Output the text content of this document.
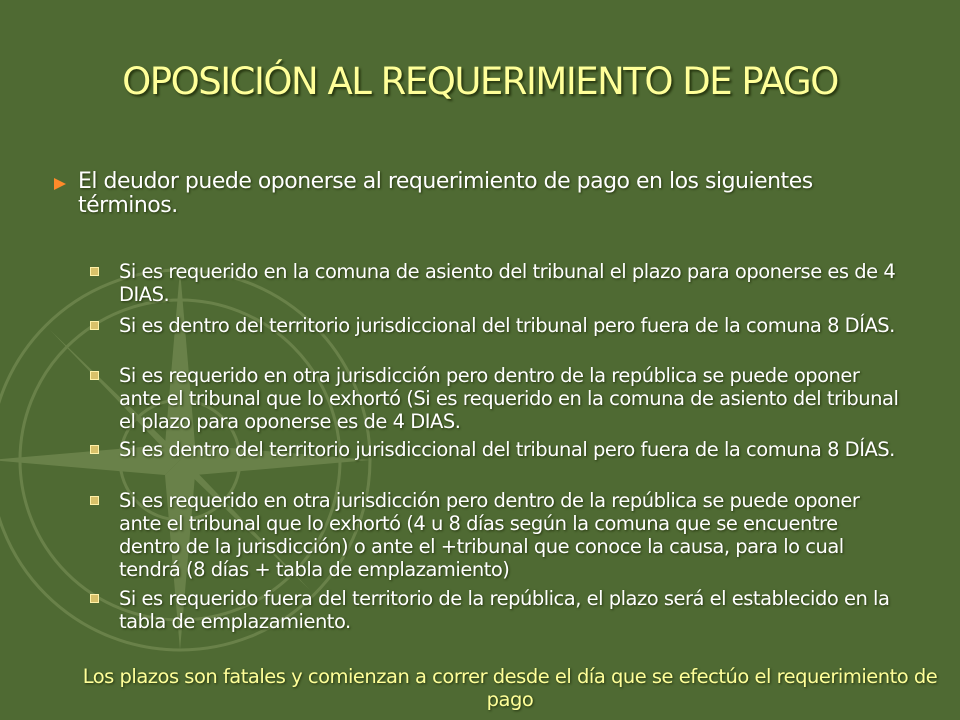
OPOSICIÓN AL REQUERIMIENTO DE PAGO
El deudor puede oponerse al requerimiento de pago en los siguientes términos.
Si es requerido en la comuna de asiento del tribunal el plazo para oponerse es de 4 DIAS.
Si es dentro del territorio jurisdiccional del tribunal pero fuera de la comuna 8 DÍAS.
Si es requerido en otra jurisdicción pero dentro de la república se puede oponer ante el tribunal que lo exhortó (Si es requerido en la comuna de asiento del tribunal el plazo para oponerse es de 4 DIAS.
Si es dentro del territorio jurisdiccional del tribunal pero fuera de la comuna 8 DÍAS.
Si es requerido en otra jurisdicción pero dentro de la república se puede oponer ante el tribunal que lo exhortó (4 u 8 días según la comuna que se encuentre dentro de la jurisdicción) o ante el +tribunal que conoce la causa, para lo cual tendrá (8 días + tabla de emplazamiento)
Si es requerido fuera del territorio de la república, el plazo será el establecido en la tabla de emplazamiento.
Los plazos son fatales y comienzan a correr desde el día que se efectúo el requerimiento de pago
